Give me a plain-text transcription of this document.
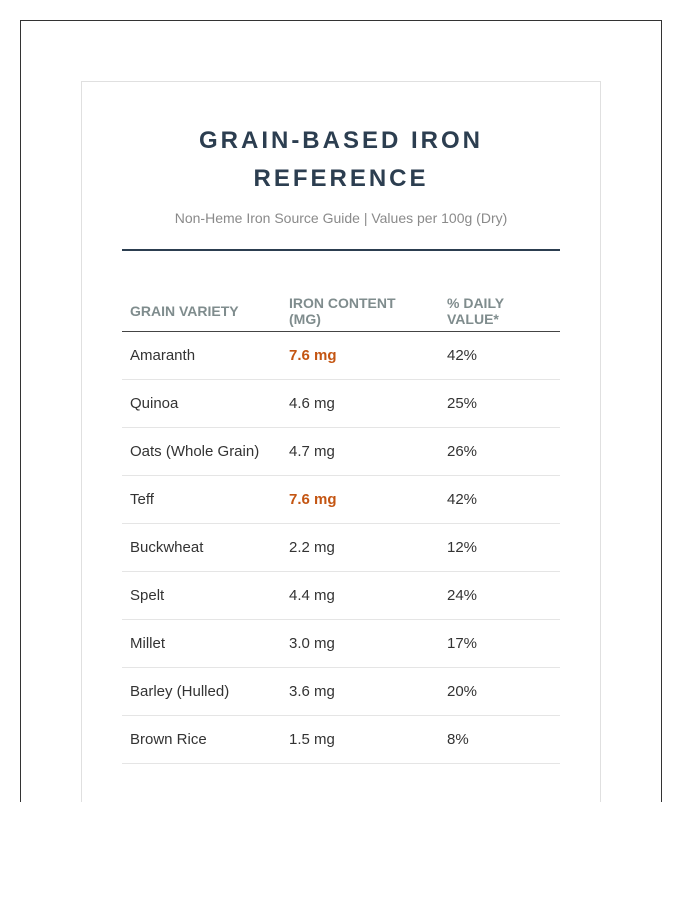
GRAIN-BASED IRON REFERENCE
Non-Heme Iron Source Guide | Values per 100g (Dry)
GRAIN VARIETY	IRON CONTENT (MG)	% DAILY VALUE*
Amaranth	7.6 mg	42%
Quinoa	4.6 mg	25%
Oats (Whole Grain)	4.7 mg	26%
Teff	7.6 mg	42%
Buckwheat	2.2 mg	12%
Spelt	4.4 mg	24%
Millet	3.0 mg	17%
Barley (Hulled)	3.6 mg	20%
Brown Rice	1.5 mg	8%
